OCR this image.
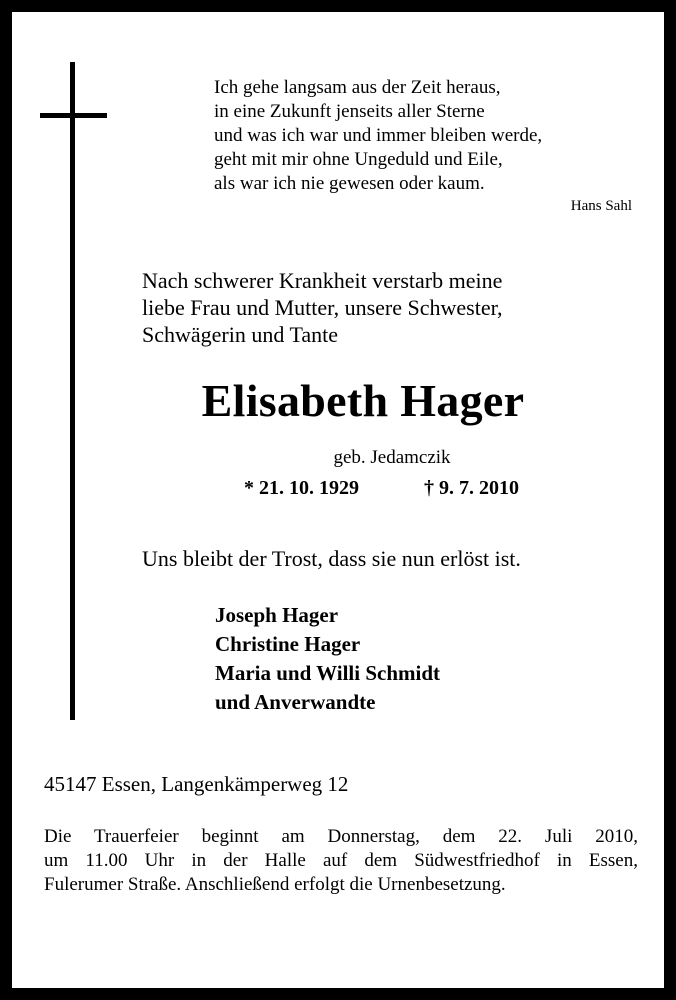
Ich gehe langsam aus der Zeit heraus,
in eine Zukunft jenseits aller Sterne
und was ich war und immer bleiben werde,
geht mit mir ohne Ungeduld und Eile,
als war ich nie gewesen oder kaum.
Hans Sahl
Nach schwerer Krankheit verstarb meine
liebe Frau und Mutter, unsere Schwester,
Schwägerin und Tante
Elisabeth Hager
geb. Jedamczik
* 21. 10. 1929	† 9. 7. 2010
Uns bleibt der Trost, dass sie nun erlöst ist.
Joseph Hager
Christine Hager
Maria und Willi Schmidt
und Anverwandte
45147 Essen, Langenkämperweg 12
Die Trauerfeier beginnt am Donnerstag, dem 22. Juli 2010,
um 11.00 Uhr in der Halle auf dem Südwestfriedhof in Essen,
Fulerumer Straße. Anschließend erfolgt die Urnenbesetzung.
